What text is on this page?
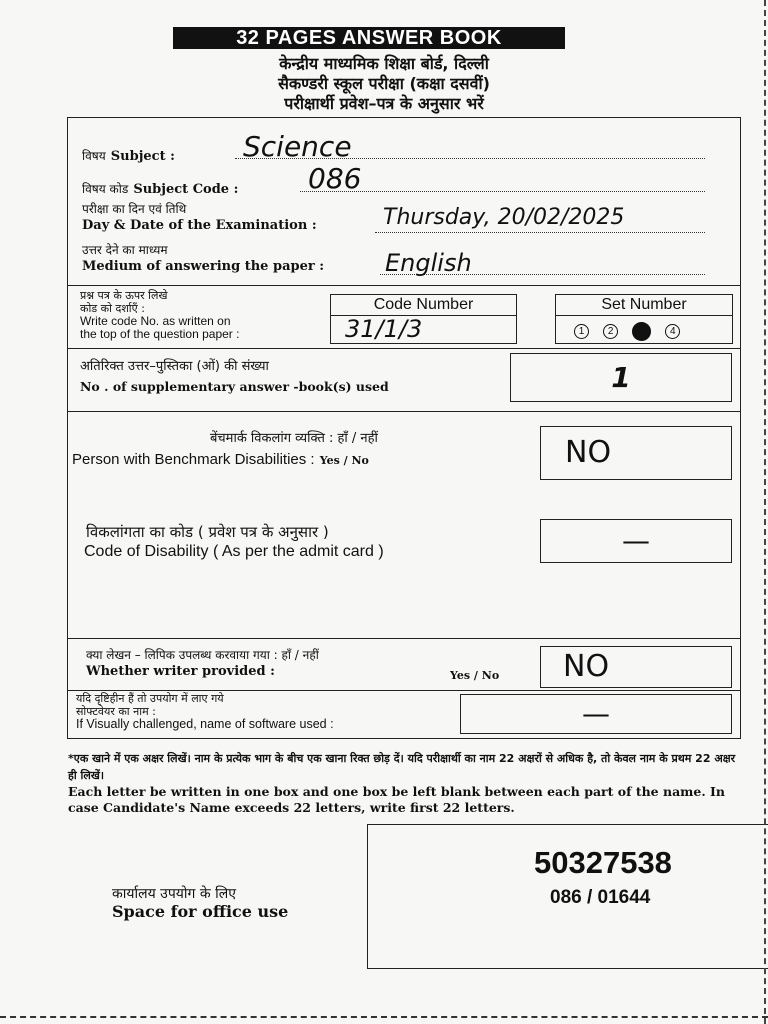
32 PAGES ANSWER BOOK
केन्द्रीय माध्यमिक शिक्षा बोर्ड, दिल्ली
सैकण्डरी स्कूल परीक्षा (कक्षा दसवीं)
परीक्षार्थी प्रवेश–पत्र के अनुसार भरें
विषय Subject : Science
विषय कोड Subject Code : 086
परीक्षा का दिन एवं तिथि
Day & Date of the Examination :	Thursday, 20/02/2025
उत्तर देने का माध्यम
Medium of answering the paper :	English
प्रश्न पत्र के ऊपर लिखे
कोड को दर्शाएँ :
Write code No. as written on
the top of the question paper :
Code Number
31/1/3
Set Number
1 2	3	4
अतिरिक्त उत्तर–पुस्तिका (ओं) की संख्या
No . of supplementary answer -book(s) used	1
बेंचमार्क विकलांग व्यक्ति : हाँ / नहीं
Person with Benchmark Disabilities : Yes / No	NO
विकलांगता का कोड ( प्रवेश पत्र के अनुसार )
Code of Disability ( As per the admit card )	—
क्या लेखन – लिपिक उपलब्ध करवाया गया : हाँ / नहीं
Whether writer provided :	Yes / No	NO
यदि दृष्टिहीन हैं तो उपयोग में लाए गये
सोफ्टवेयर का नाम :
If Visually challenged, name of software used :	—
*एक खाने में एक अक्षर लिखें। नाम के प्रत्येक भाग के बीच एक खाना रिक्त छोड़ दें। यदि परीक्षार्थी का नाम 22 अक्षरों से अधिक है, तो केवल नाम के प्रथम 22 अक्षर ही लिखें।
Each letter be written in one box and one box be left blank between each part of the name. In case Candidate's Name exceeds 22 letters, write first 22 letters.
कार्यालय उपयोग के लिए
Space for office use
50327538
086 / 01644
